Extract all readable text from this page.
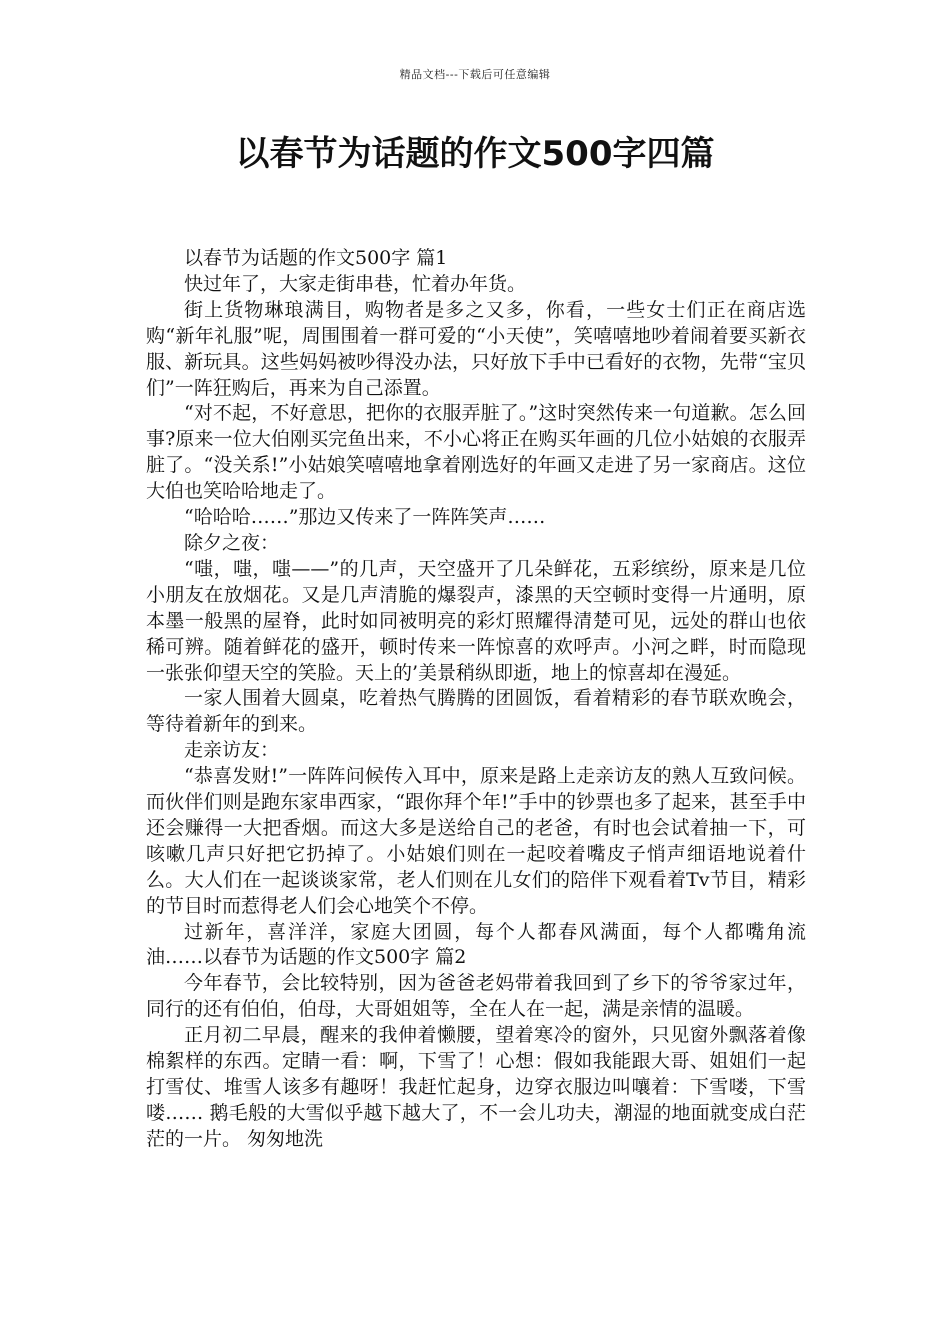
精品文档---下载后可任意编辑
以春节为话题的作文500字四篇

以春节为话题的作文500字 篇1

快过年了，大家走街串巷，忙着办年货。

街上货物琳琅满目，购物者是多之又多，你看，一些女士们正在商店选购“新年礼服”呢，周围围着一群可爱的“小天使”，笑嘻嘻地吵着闹着要买新衣服、新玩具。这些妈妈被吵得没办法，只好放下手中已看好的衣物，先带“宝贝们”一阵狂购后，再来为自己添置。

“对不起，不好意思，把你的衣服弄脏了。”这时突然传来一句道歉。怎么回事?原来一位大伯刚买完鱼出来，不小心将正在购买年画的几位小姑娘的衣服弄脏了。“没关系!”小姑娘笑嘻嘻地拿着刚选好的年画又走进了另一家商店。这位大伯也笑哈哈地走了。

“哈哈哈……”那边又传来了一阵阵笑声……

除夕之夜：

“嗤，嗤，嗤——”的几声，天空盛开了几朵鲜花，五彩缤纷，原来是几位小朋友在放烟花。又是几声清脆的爆裂声，漆黑的天空顿时变得一片通明，原本墨一般黑的屋脊，此时如同被明亮的彩灯照耀得清楚可见，远处的群山也依稀可辨。随着鲜花的盛开，顿时传来一阵惊喜的欢呼声。小河之畔，时而隐现一张张仰望天空的笑脸。天上的’美景稍纵即逝，地上的惊喜却在漫延。

一家人围着大圆桌，吃着热气腾腾的团圆饭，看着精彩的春节联欢晚会，等待着新年的到来。

走亲访友：

“恭喜发财!”一阵阵问候传入耳中，原来是路上走亲访友的熟人互致问候。而伙伴们则是跑东家串西家，“跟你拜个年!”手中的钞票也多了起来，甚至手中还会赚得一大把香烟。而这大多是送给自己的老爸，有时也会试着抽一下，可咳嗽几声只好把它扔掉了。小姑娘们则在一起咬着嘴皮子悄声细语地说着什么。大人们在一起谈谈家常，老人们则在儿女们的陪伴下观看着Tv节目，精彩的节目时而惹得老人们会心地笑个不停。

过新年，喜洋洋，家庭大团圆，每个人都春风满面，每个人都嘴角流油……以春节为话题的作文500字 篇2

今年春节，会比较特别，因为爸爸老妈带着我回到了乡下的爷爷家过年，同行的还有伯伯，伯母，大哥姐姐等，全在人在一起，满是亲情的温暖。

正月初二早晨，醒来的我伸着懒腰，望着寒冷的窗外，只见窗外飘落着像棉絮样的东西。定睛一看：啊，下雪了！心想：假如我能跟大哥、姐姐们一起打雪仗、堆雪人该多有趣呀！我赶忙起身，边穿衣服边叫嚷着：下雪喽，下雪喽…… 鹅毛般的大雪似乎越下越大了，不一会儿功夫，潮湿的地面就变成白茫茫的一片。 匆匆地洗
